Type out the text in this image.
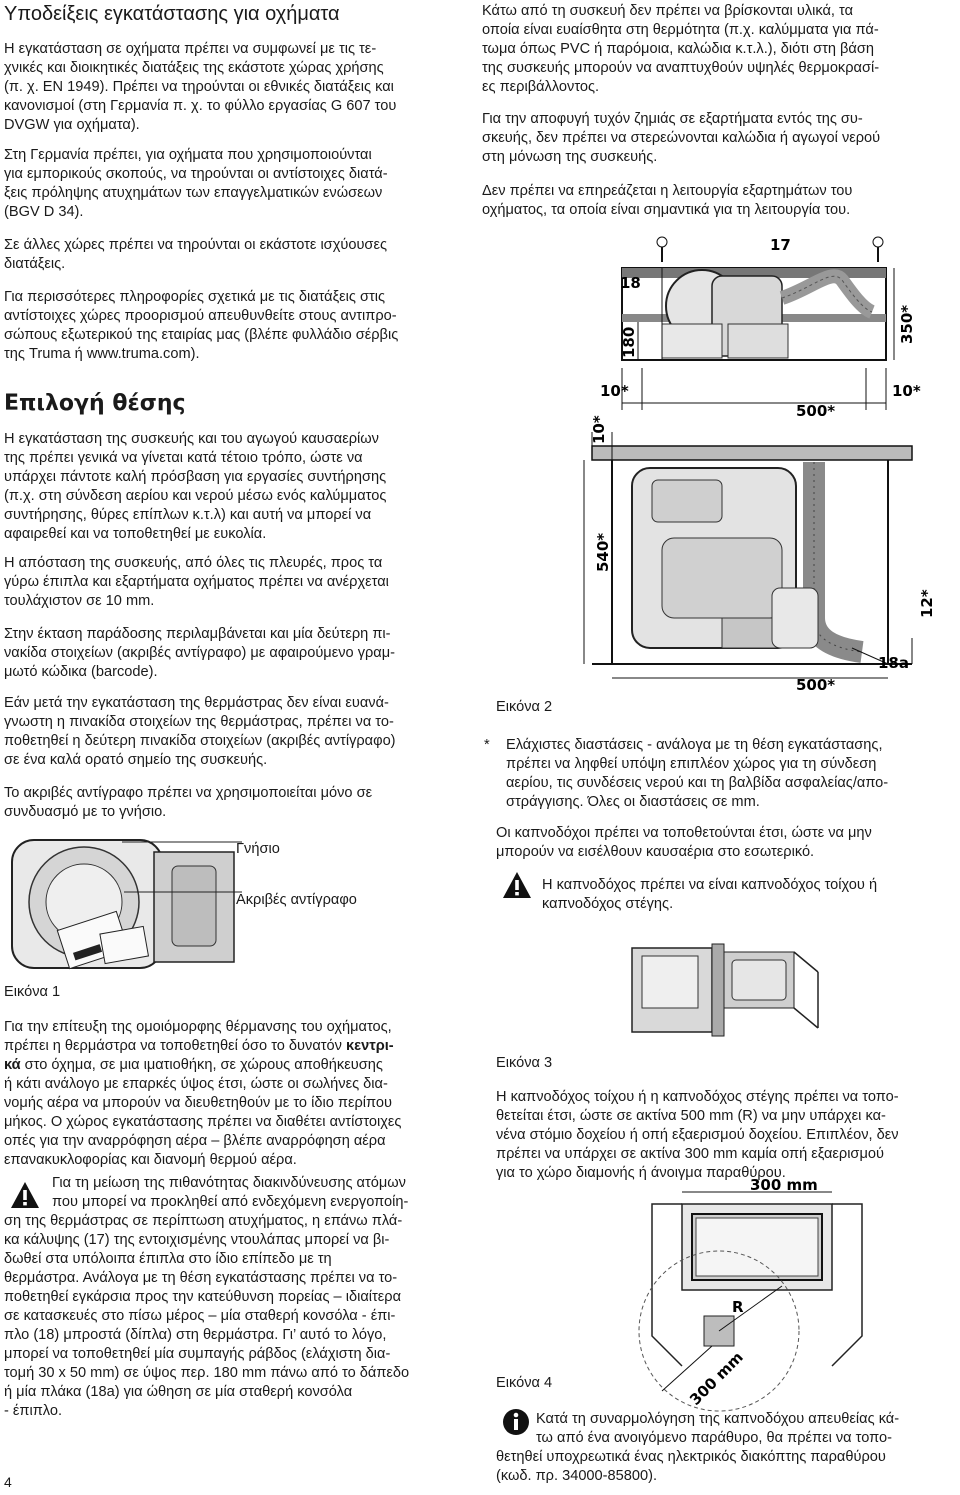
Υποδείξεις εγκατάστασης για οχήματα

Η εγκατάσταση σε οχήματα πρέπει να συμφωνεί με τις τε-

χνικές και διοικητικές διατάξεις της εκάστοτε χώρας χρήσης

(π. χ. EN 1949). Πρέπει να τηρούνται οι εθνικές διατάξεις και

κανονισμοί (στη Γερμανία π. χ. το φύλλο εργασίας G 607 του

DVGW για οχήματα).

Στη Γερμανία πρέπει, για οχήματα που χρησιμοποιούνται

για εμπορικούς σκοπούς, να τηρούνται οι αντίστοιχες διατά-

ξεις πρόληψης ατυχημάτων των επαγγελματικών ενώσεων

(BGV D 34).

Σε άλλες χώρες πρέπει να τηρούνται οι εκάστοτε ισχύουσες

διατάξεις.

Για περισσότερες πληροφορίες σχετικά με τις διατάξεις στις

αντίστοιχες χώρες προορισμού απευθυνθείτε στους αντιπρο-

σώπους εξωτερικού της εταιρίας μας (βλέπε φυλλάδιο σέρβις

της Truma ή www.truma.com).

Επιλογή θέσης

Η εγκατάσταση της συσκευής και του αγωγού καυσαερίων

της πρέπει γενικά να γίνεται κατά τέτοιο τρόπο, ώστε να

υπάρχει πάντοτε καλή πρόσβαση για εργασίες συντήρησης

(π.χ. στη σύνδεση αερίου και νερού μέσω ενός καλύμματος

συντήρησης, θύρες επίπλων κ.τ.λ) και αυτή να μπορεί να

αφαιρεθεί και να τοποθετηθεί με ευκολία.

Η απόσταση της συσκευής, από όλες τις πλευρές, προς τα

γύρω έπιπλα και εξαρτήματα οχήματος πρέπει να ανέρχεται

τουλάχιστον σε 10 mm.

Στην έκταση παράδοσης περιλαμβάνεται και μία δεύτερη πι-

νακίδα στοιχείων (ακριβές αντίγραφο) με αφαιρούμενο γραμ-

μωτό κώδικα (barcode).

Εάν μετά την εγκατάσταση της θερμάστρας δεν είναι ευανά-

γνωστη η πινακίδα στοιχείων της θερμάστρας, πρέπει να το-

ποθετηθεί η δεύτερη πινακίδα στοιχείων (ακριβές αντίγραφο)

σε ένα καλά ορατό σημείο της συσκευής.

Το ακριβές αντίγραφο πρέπει να χρησιμοποιείται μόνο σε

συνδυασμό με το γνήσιο.

Γνήσιο
Ακριβές αντίγραφο
Εικόνα 1

Για την επίτευξη της ομοιόμορφης θέρμανσης του οχήματος,

πρέπει η θερμάστρα να τοποθετηθεί όσο το δυνατόν κεντρι-

κά στο όχημα, σε μια ιματιοθήκη, σε χώρους αποθήκευσης

ή κάτι ανάλογο με επαρκές ύψος έτσι, ώστε οι σωλήνες δια-

νομής αέρα να μπορούν να διευθετηθούν με το ίδιο περίπου

μήκος. Ο χώρος εγκατάστασης πρέπει να διαθέτει αντίστοιχες

οπές για την αναρρόφηση αέρα – βλέπε αναρρόφηση αέρα

επανακυκλοφορίας και διανομή θερμού αέρα.

Για τη μείωση της πιθανότητας διακινδύνευσης ατόμων

που μπορεί να προκληθεί από ενδεχόμενη ενεργοποίη-

ση της θερμάστρας σε περίπτωση ατυχήματος, η επάνω πλά-

κα κάλυψης (17) της εντοιχισμένης ντουλάπας μπορεί να βι-

δωθεί στα υπόλοιπα έπιπλα στο ίδιο επίπεδο με τη

θερμάστρα. Ανάλογα με τη θέση εγκατάστασης πρέπει να το-

ποθετηθεί εγκάρσια προς την κατεύθυνση πορείας – ιδιαίτερα

σε κατασκευές στο πίσω μέρος – μία σταθερή κονσόλα - έπι-

πλο (18) μπροστά (δίπλα) στη θερμάστρα. Γι’ αυτό το λόγο,

μπορεί να τοποθετηθεί μία συμπαγής ράβδος (ελάχιστη δια-

τομή 30 x 50 mm) σε ύψος περ. 180 mm πάνω από το δάπεδο

ή μία πλάκα (18a) για ώθηση σε μία σταθερή κονσόλα

- έπιπλο.

4

Κάτω από τη συσκευή δεν πρέπει να βρίσκονται υλικά, τα

οποία είναι ευαίσθητα στη θερμότητα (π.χ. καλύμματα για πά-

τωμα όπως PVC ή παρόμοια, καλώδια κ.τ.λ.), διότι στη βάση

της συσκευής μπορούν να αναπτυχθούν υψηλές θερμοκρασί-

ες περιβάλλοντος.

Για την αποφυγή τυχόν ζημιάς σε εξαρτήματα εντός της συ-

σκευής, δεν πρέπει να στερεώνονται καλώδια ή αγωγοί νερού

στη μόνωση της συσκευής.

Δεν πρέπει να επηρεάζεται η λειτουργία εξαρτημάτων του

οχήματος, τα οποία είναι σημαντικά για τη λειτουργία του.

17
18
180	350*
10*
500*
10*
10*
540*
12*
18a
500*
Εικόνα 2
* Ελάχιστες διαστάσεις - ανάλογα με τη θέση εγκατάστασης,

πρέπει να ληφθεί υπόψη επιπλέον χώρος για τη σύνδεση

αερίου, τις συνδέσεις νερού και τη βαλβίδα ασφαλείας/απο-

στράγγισης. Όλες οι διαστάσεις σε mm.

Οι καπνοδόχοι πρέπει να τοποθετούνται έτσι, ώστε να μην

μπορούν να εισέλθουν καυσαέρια στο εσωτερικό.

Η καπνοδόχος πρέπει να είναι καπνοδόχος τοίχου ή

καπνοδόχος στέγης.

Εικόνα 3

Η καπνοδόχος τοίχου ή η καπνοδόχος στέγης πρέπει να τοπο-

θετείται έτσι, ώστε σε ακτίνα 500 mm (R) να μην υπάρχει κα-

νένα στόμιο δοχείου ή οπή εξαερισμού δοχείου. Επιπλέον, δεν

πρέπει να υπάρχει σε ακτίνα 300 mm καμία οπή εξαερισμού

για το χώρο διαμονής ή άνοιγμα παραθύρου.

300 mm
R
300 mm
Εικόνα 4

Κατά τη συναρμολόγηση της καπνοδόχου απευθείας κά-

τω από ένα ανοιγόμενο παράθυρο, θα πρέπει να τοπο-

θετηθεί υποχρεωτικά ένας ηλεκτρικός διακόπτης παραθύρου

(κωδ. πρ. 34000-85800).
